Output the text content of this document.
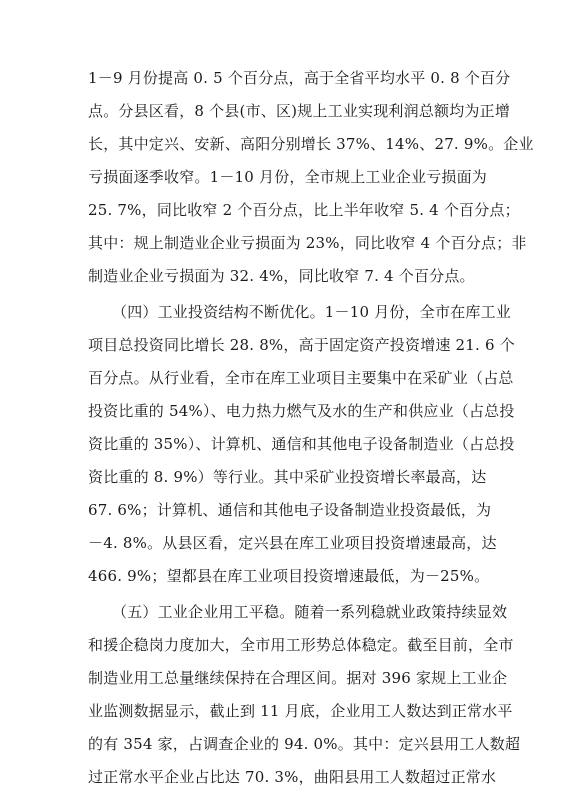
1－9 月份提高 0. 5 个百分点，高于全省平均水平 0. 8 个百分
点。分县区看，8 个县(市、区)规上工业实现利润总额均为正增
长，其中定兴、安新、高阳分别增长 37%、14%、27. 9%。企业
亏损面逐季收窄。1－10 月份，全市规上工业企业亏损面为
25. 7%，同比收窄 2 个百分点，比上半年收窄 5. 4 个百分点；
其中：规上制造业企业亏损面为 23%，同比收窄 4 个百分点；非
制造业企业亏损面为 32. 4%，同比收窄 7. 4 个百分点。
（四）工业投资结构不断优化。1－10 月份，全市在库工业
项目总投资同比增长 28. 8%，高于固定资产投资增速 21. 6 个
百分点。从行业看，全市在库工业项目主要集中在采矿业（占总
投资比重的 54%）、电力热力燃气及水的生产和供应业（占总投
资比重的 35%）、计算机、通信和其他电子设备制造业（占总投
资比重的 8. 9%）等行业。其中采矿业投资增长率最高，达
67. 6%；计算机、通信和其他电子设备制造业投资最低，为
－4. 8%。从县区看，定兴县在库工业项目投资增速最高，达
466. 9%；望都县在库工业项目投资增速最低，为－25%。
（五）工业企业用工平稳。随着一系列稳就业政策持续显效
和援企稳岗力度加大，全市用工形势总体稳定。截至目前，全市
制造业用工总量继续保持在合理区间。据对 396 家规上工业企
业监测数据显示，截止到 11 月底，企业用工人数达到正常水平
的有 354 家，占调查企业的 94. 0%。其中：定兴县用工人数超
过正常水平企业占比达 70. 3%，曲阳县用工人数超过正常水
